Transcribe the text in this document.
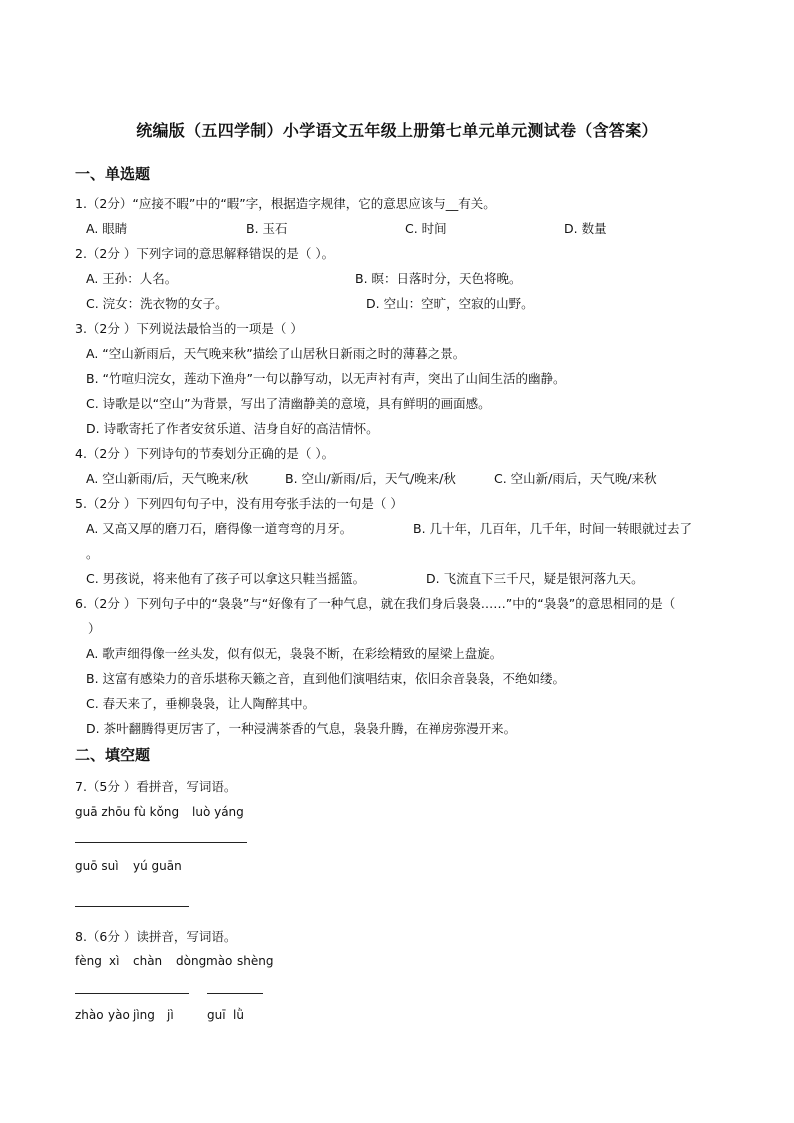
统编版（五四学制）小学语文五年级上册第七单元单元测试卷（含答案）
一、单选题
1.（2分）“应接不暇”中的“暇”字，根据造字规律，它的意思应该与__有关。
A. 眼睛	B. 玉石	C. 时间	D. 数量
2.（2分 ）下列字词的意思解释错误的是（ ）。
A. 王孙：人名。	B. 暝：日落时分，天色将晚。
C. 浣女：洗衣物的女子。	D. 空山：空旷，空寂的山野。
3.（2分 ）下列说法最恰当的一项是（ ）
A. “空山新雨后，天气晚来秋”描绘了山居秋日新雨之时的薄暮之景。
B. “竹喧归浣女，莲动下渔舟”一句以静写动，以无声衬有声，突出了山间生活的幽静。
C. 诗歌是以“空山”为背景，写出了清幽静美的意境，具有鲜明的画面感。
D. 诗歌寄托了作者安贫乐道、洁身自好的高洁情怀。
4.（2分 ）下列诗句的节奏划分正确的是（ ）。
A. 空山新雨/后，天气晚来/秋	B. 空山/新雨/后，天气/晚来/秋	C. 空山新/雨后，天气晚/来秋
5.（2分 ）下列四句句子中，没有用夸张手法的一句是（ ）
A. 又高又厚的磨刀石，磨得像一道弯弯的月牙。	B. 几十年，几百年，几千年，时间一转眼就过去了
。
C. 男孩说，将来他有了孩子可以拿这只鞋当摇篮。	D. 飞流直下三千尺，疑是银河落九天。
6.（2分 ）下列句子中的“袅袅”与“好像有了一种气息，就在我们身后袅袅……”中的“袅袅”的意思相同的是（
）
A. 歌声细得像一丝头发，似有似无，袅袅不断，在彩绘精致的屋梁上盘旋。
B. 这富有感染力的音乐堪称天籁之音，直到他们演唱结束，依旧余音袅袅，不绝如缕。
C. 春天来了，垂柳袅袅，让人陶醉其中。
D. 茶叶翻腾得更厉害了，一种浸满茶香的气息，袅袅升腾，在禅房弥漫开来。
二、填空题
7.（5分 ）看拼音，写词语。
guā zhōu fù kǒng luò yáng
guō suì yú guān
8.（6分 ）读拼音，写词语。
fèng xì chàn dòng mào shèng
zhào yào jìng jì	guī lǜ
